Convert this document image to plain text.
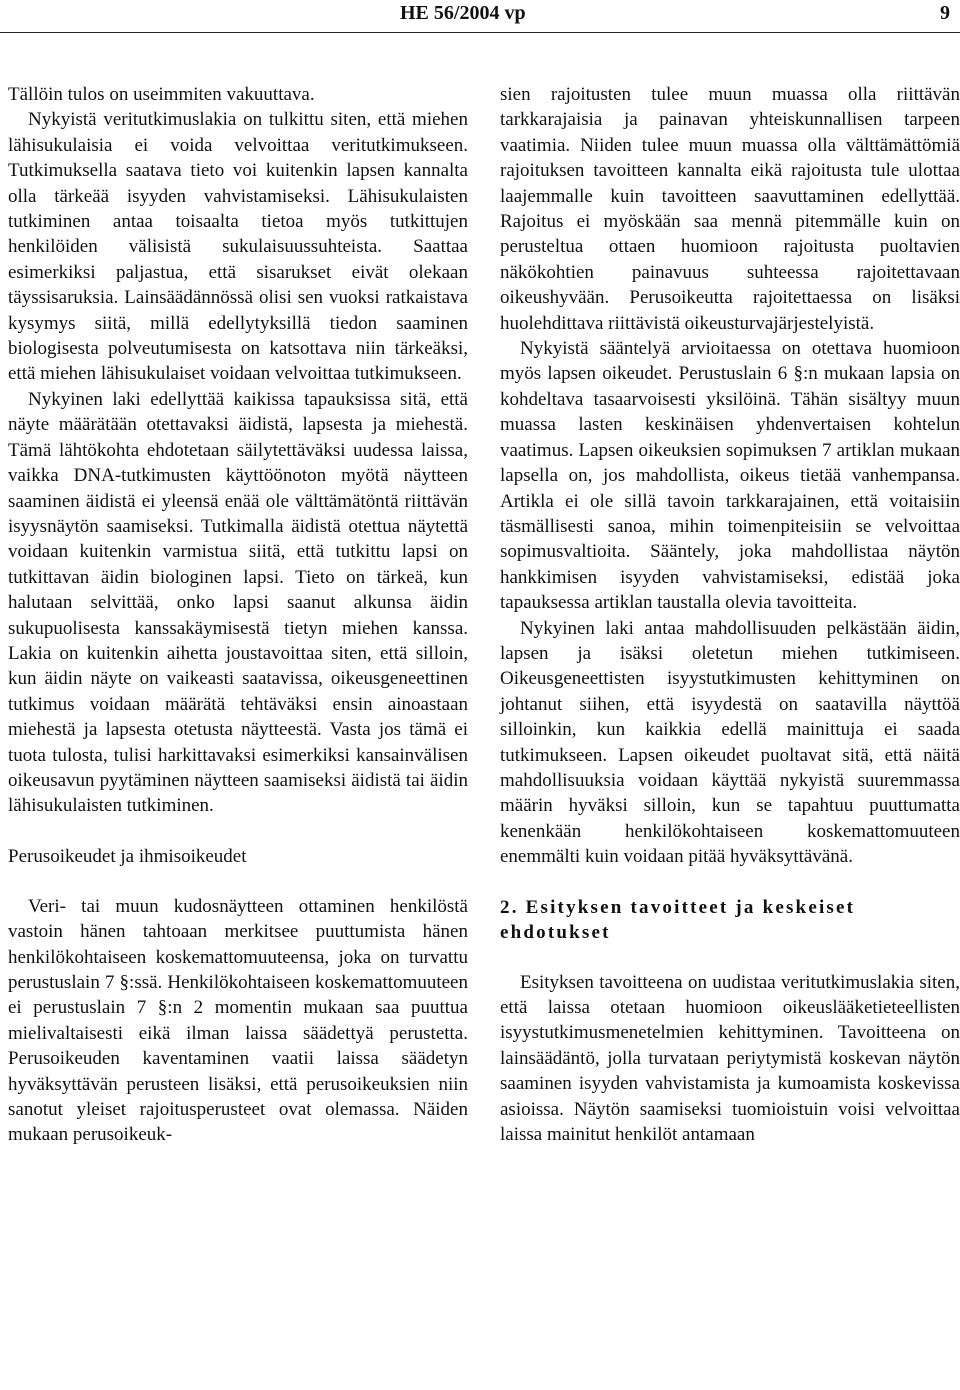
HE 56/2004 vp	9

Tällöin tulos on useimmiten vakuuttava.

Nykyistä veritutkimuslakia on tulkittu siten, että miehen lähisukulaisia ei voida velvoittaa veritutkimukseen. Tutkimuksella saatava tieto voi kuitenkin lapsen kannalta olla tärkeää isyyden vahvistamiseksi. Lähisukulaisten tutkiminen antaa toisaalta tietoa myös tutkittujen henkilöiden välisistä sukulaisuussuhteista. Saattaa esimerkiksi paljastua, että sisarukset eivät olekaan täyssisaruksia. Lainsäädännössä olisi sen vuoksi ratkaistava kysymys siitä, millä edellytyksillä tiedon saaminen biologisesta polveutumisesta on katsottava niin tärkeäksi, että miehen lähisukulaiset voidaan velvoittaa tutkimukseen.

Nykyinen laki edellyttää kaikissa tapauksissa sitä, että näyte määrätään otettavaksi äidistä, lapsesta ja miehestä. Tämä lähtökohta ehdotetaan säilytettäväksi uudessa laissa, vaikka DNA-tutkimusten käyttöönoton myötä näytteen saaminen äidistä ei yleensä enää ole välttämätöntä riittävän isyysnäytön saamiseksi. Tutkimalla äidistä otettua näytettä voidaan kuitenkin varmistua siitä, että tutkittu lapsi on tutkittavan äidin biologinen lapsi. Tieto on tärkeä, kun halutaan selvittää, onko lapsi saanut alkunsa äidin sukupuolisesta kanssakäymisestä tietyn miehen kanssa. Lakia on kuitenkin aihetta joustavoittaa siten, että silloin, kun äidin näyte on vaikeasti saatavissa, oikeusgeneettinen tutkimus voidaan määrätä tehtäväksi ensin ainoastaan miehestä ja lapsesta otetusta näytteestä. Vasta jos tämä ei tuota tulosta, tulisi harkittavaksi esimerkiksi kansainvälisen oikeusavun pyytäminen näytteen saamiseksi äidistä tai äidin lähisukulaisten tutkiminen.

Perusoikeudet ja ihmisoikeudet

Veri- tai muun kudosnäytteen ottaminen henkilöstä vastoin hänen tahtoaan merkitsee puuttumista hänen henkilökohtaiseen koskemattomuuteensa, joka on turvattu perustuslain 7 §:ssä. Henkilökohtaiseen koskemattomuuteen ei perustuslain 7 §:n 2 momentin mukaan saa puuttua mielivaltaisesti eikä ilman laissa säädettyä perustetta. Perusoikeuden kaventaminen vaatii laissa säädetyn hyväksyttävän perusteen lisäksi, että perusoikeuksien niin sanotut yleiset rajoitusperusteet ovat olemassa. Näiden mukaan perusoikeuk-

sien rajoitusten tulee muun muassa olla riittävän tarkkarajaisia ja painavan yhteiskunnallisen tarpeen vaatimia. Niiden tulee muun muassa olla välttämättömiä rajoituksen tavoitteen kannalta eikä rajoitusta tule ulottaa laajemmalle kuin tavoitteen saavuttaminen edellyttää. Rajoitus ei myöskään saa mennä pitemmälle kuin on perusteltua ottaen huomioon rajoitusta puoltavien näkökohtien painavuus suhteessa rajoitettavaan oikeushyvään. Perusoikeutta rajoitettaessa on lisäksi huolehdittava riittävistä oikeusturvajärjestelyistä.

Nykyistä sääntelyä arvioitaessa on otettava huomioon myös lapsen oikeudet. Perustuslain 6 §:n mukaan lapsia on kohdeltava tasaarvoisesti yksilöinä. Tähän sisältyy muun muassa lasten keskinäisen yhdenvertaisen kohtelun vaatimus. Lapsen oikeuksien sopimuksen 7 artiklan mukaan lapsella on, jos mahdollista, oikeus tietää vanhempansa. Artikla ei ole sillä tavoin tarkkarajainen, että voitaisiin täsmällisesti sanoa, mihin toimenpiteisiin se velvoittaa sopimusvaltioita. Sääntely, joka mahdollistaa näytön hankkimisen isyyden vahvistamiseksi, edistää joka tapauksessa artiklan taustalla olevia tavoitteita.

Nykyinen laki antaa mahdollisuuden pelkästään äidin, lapsen ja isäksi oletetun miehen tutkimiseen. Oikeusgeneettisten isyystutkimusten kehittyminen on johtanut siihen, että isyydestä on saatavilla näyttöä silloinkin, kun kaikkia edellä mainittuja ei saada tutkimukseen. Lapsen oikeudet puoltavat sitä, että näitä mahdollisuuksia voidaan käyttää nykyistä suuremmassa määrin hyväksi silloin, kun se tapahtuu puuttumatta kenenkään henkilökohtaiseen koskemattomuuteen enemmälti kuin voidaan pitää hyväksyttävänä.

2. Esityksen tavoitteet ja keskeiset ehdotukset

Esityksen tavoitteena on uudistaa veritutkimuslakia siten, että laissa otetaan huomioon oikeuslääketieteellisten isyystutkimusmenetelmien kehittyminen. Tavoitteena on lainsäädäntö, jolla turvataan periytymistä koskevan näytön saaminen isyyden vahvistamista ja kumoamista koskevissa asioissa. Näytön saamiseksi tuomioistuin voisi velvoittaa laissa mainitut henkilöt antamaan
